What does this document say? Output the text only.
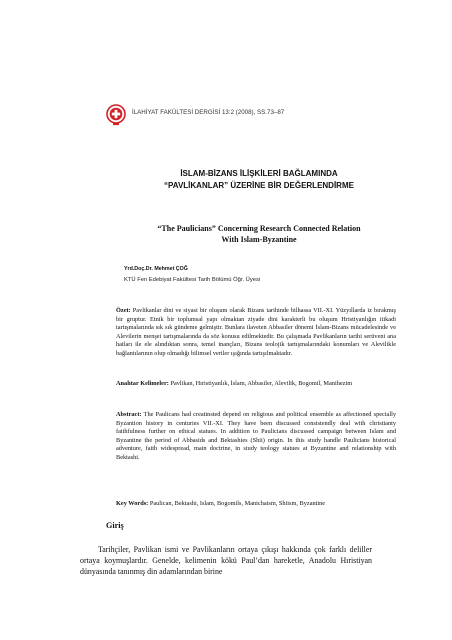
İLAHİYAT FAKÜLTESİ DERGİSİ 13:2 (2008), SS.73–87
İSLAM-BİZANS İLİŞKİLERİ BAĞLAMINDA
“PAVLİKANLAR” ÜZERİNE BİR DEĞERLENDİRME
“The Paulicians” Concerning Research Connected Relation
With Islam-Byzantine
Yrd.Doç.Dr. Mehmet ÇOĞ
KTÜ Fen Edebiyat Fakültesi Tarih Bölümü Öğr. Üyesi
Özet: Pavlikanlar dini ve siyasi bir oluşum olarak Bizans tarihinde bilhassa VII.-XI. Yüzyıllarda iz bırakmış bir gruptur. Etnik bir toplumsal yapı olmaktan ziyade dini karakterli bu oluşum Hristiyanlığın itikadi tartışmalarında sık sık gündeme gelmiştir. Bunlara ilaveten Abbasiler dönemi İslam-Bizans mücadelesinde ve Alevilerin menşei tartışmalarında da söz konusu edilmektedir. Bu çalışmada Pavlikanların tarihi serüveni ana hatları ile ele alındıktan sonra, temel inançları, Bizans teolojik tartışmalarındaki konumları ve Alevilikle bağlantılarının olup olmadığı bilimsel veriler ışığında tartışılmaktadır.
Anahtar Kelimeler: Pavlikan, Hıristiyanlık, İslam, Abbasiler, Alevilik, Bogomil, Manihezim
Abstract: The Paulicans had creatinsted depend on religious and political ensemble as affectioned specially Byzantion history in centuries VII.-XI. They have been discussed consistendly deal with christianty faithfulness further on ethical statues. In addition to Paulicians discussed campaign between Islam and Byzantine the period of Abbasids and Bektashies (Shii) origin. In this study handle Paulicians historical adventure, faith widespread, main doctrine, in study teology statues at Byzantine and relationship with Bektashi.
Key Words: Paulican, Bektashi, Islam, Bogomils, Manichaism, Shiism, Byzantine
Giriş
Tarihçiler, Pavlikan ismi ve Pavlikanların ortaya çıkışı hakkında çok farklı deliller ortaya koymuşlardır. Genelde, kelimenin kökü Paul’dan hareketle, Anadolu Hıristiyan dünyasında tanınmış din adamlarından birine
